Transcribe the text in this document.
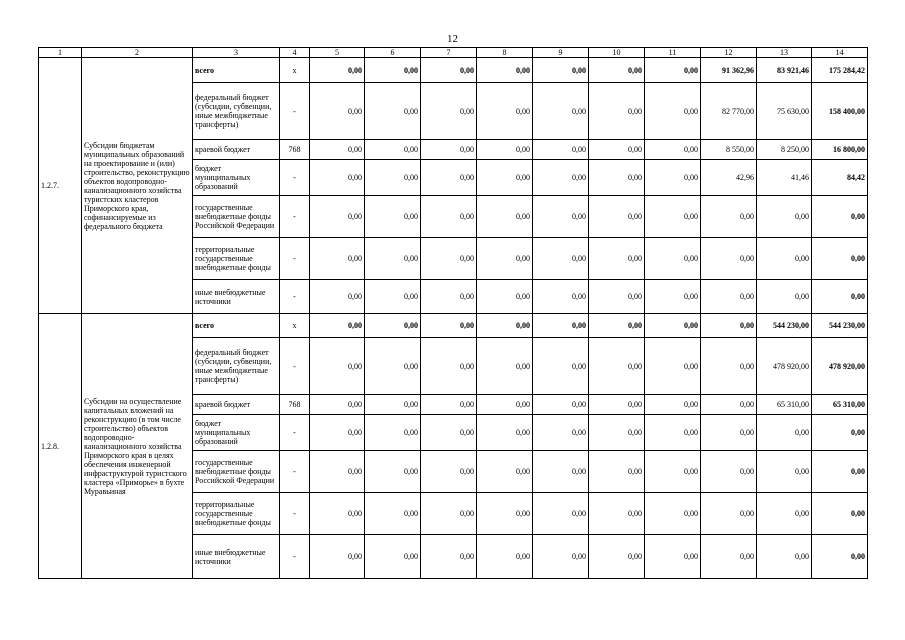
12
1	2	3	4	5	6	7	8	9	10	11	12	13	14
1.2.7.	Субсидии бюджетам муниципальных образований на проектирование и (или) строительство, реконструкцию объектов водопроводно-канализационного хозяйства туристских кластеров Приморского края, софинансируемые из федерального бюджета	всего	х	0,00	0,00	0,00	0,00	0,00	0,00	0,00	91 362,96	83 921,46	175 284,42
		федеральный бюджет (субсидии, субвенции, иные межбюджетные трансферты)	-	0,00	0,00	0,00	0,00	0,00	0,00	0,00	82 770,00	75 630,00	158 400,00
		краевой бюджет	768	0,00	0,00	0,00	0,00	0,00	0,00	0,00	8 550,00	8 250,00	16 800,00
		бюджет муниципальных образований	-	0,00	0,00	0,00	0,00	0,00	0,00	0,00	42,96	41,46	84,42
		государственные внебюджетные фонды Российской Федерации	-	0,00	0,00	0,00	0,00	0,00	0,00	0,00	0,00	0,00	0,00
		территориальные государственные внебюджетные фонды	-	0,00	0,00	0,00	0,00	0,00	0,00	0,00	0,00	0,00	0,00
		иные внебюджетные источники	-	0,00	0,00	0,00	0,00	0,00	0,00	0,00	0,00	0,00	0,00
1.2.8.	Субсидии на осуществление капитальных вложений на реконструкцию (в том числе строительство) объектов водопроводно-канализационного хозяйства Приморского края в целях обеспечения инженерной инфраструктурой туристского кластера «Приморье» в бухте Муравьиная	всего	х	0,00	0,00	0,00	0,00	0,00	0,00	0,00	0,00	544 230,00	544 230,00
		федеральный бюджет (субсидии, субвенции, иные межбюджетные трансферты)	-	0,00	0,00	0,00	0,00	0,00	0,00	0,00	0,00	478 920,00	478 920,00
		краевой бюджет	768	0,00	0,00	0,00	0,00	0,00	0,00	0,00	0,00	65 310,00	65 310,00
		бюджет муниципальных образований	-	0,00	0,00	0,00	0,00	0,00	0,00	0,00	0,00	0,00	0,00
		государственные внебюджетные фонды Российской Федерации	-	0,00	0,00	0,00	0,00	0,00	0,00	0,00	0,00	0,00	0,00
		территориальные государственные внебюджетные фонды	-	0,00	0,00	0,00	0,00	0,00	0,00	0,00	0,00	0,00	0,00
		иные внебюджетные источники	-	0,00	0,00	0,00	0,00	0,00	0,00	0,00	0,00	0,00	0,00
